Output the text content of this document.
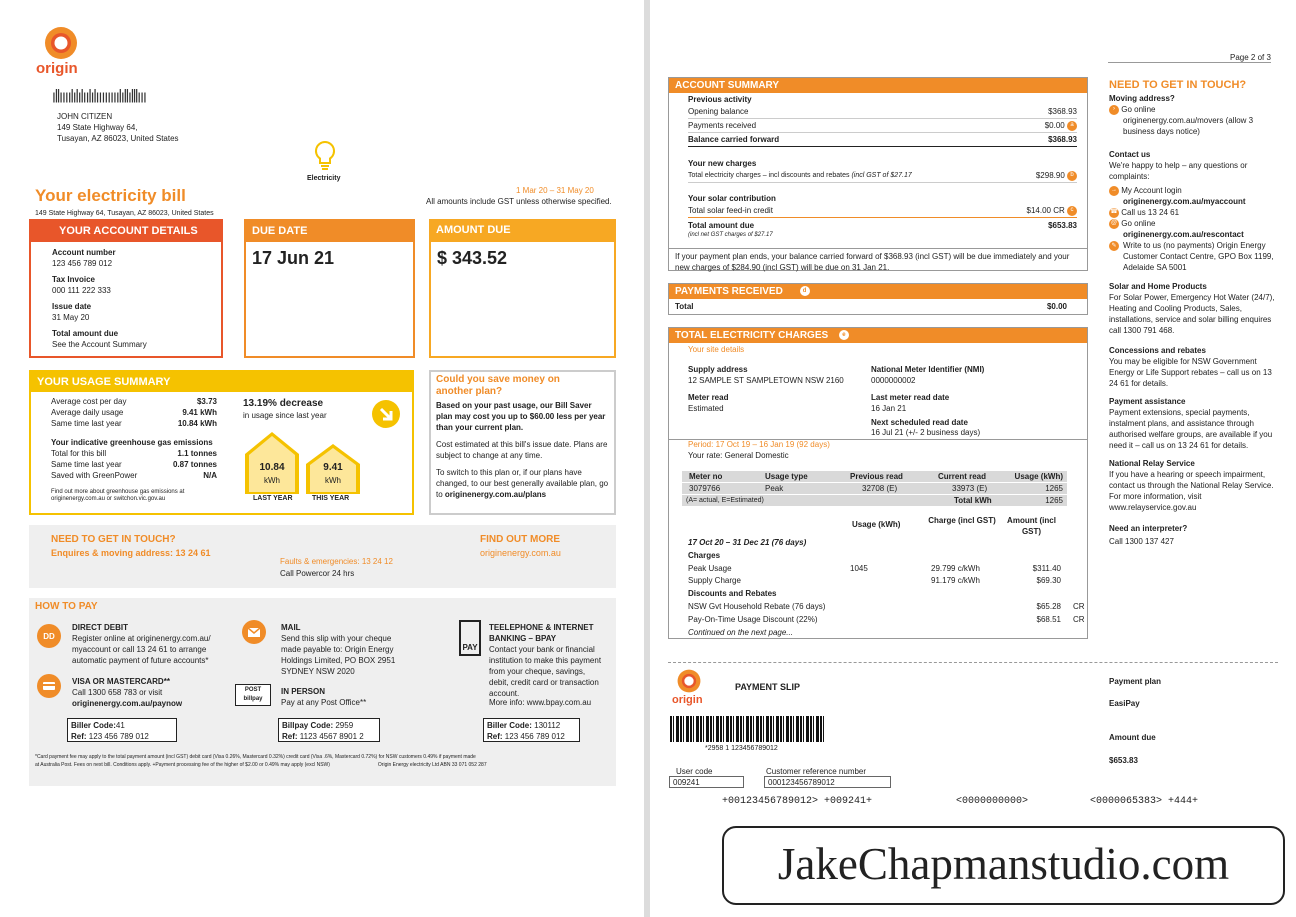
origin
ıllıııılılılıılılıııııııılıllılllııı
JOHN CITIZEN
149 State Highway 64,
Tusayan, AZ 86023, United States
Electricity
Your electricity bill	1 Mar 20 – 31 May 20
All amounts include GST unless otherwise specified.
149 State Highway 64, Tusayan, AZ 86023, United States
YOUR ACCOUNT DETAILS
Account number
123 456 789 012
Tax Invoice
000 111 222 333
Issue date
31 May 20
Total amount due
See the Account Summary
DUE DATE
17 Jun 21
AMOUNT DUE
$ 343.52
YOUR USAGE SUMMARY
Average cost per day	$3.73
Average daily usage	9.41 kWh
Same time last year	10.84 kWh
Your indicative greenhouse gas emissions
Total for this bill	1.1 tonnes
Same time last year	0.87 tonnes
Saved with GreenPower	N/A
Find out more about greenhouse gas emissions at
originenergy.com.au or switchon.vic.gov.au
13.19% decrease
in usage since last year
10.84
kWh
LAST YEAR
9.41
kWh
THIS YEAR
Could you save money on
another plan?
Based on your past usage, our Bill Saver plan may cost you up to $60.00 less per year than your current plan.
Cost estimated at this bill's issue date. Plans are subject to change at any time.
To switch to this plan or, if our plans have changed, to our best generally available plan, go to originenergy.com.au/plans
NEED TO GET IN TOUCH?
Enquires & moving address: 13 24 61
Faults & emergencies: 13 24 12
Call Powercor 24 hrs
FIND OUT MORE
originenergy.com.au
HOW TO PAY
DD
DIRECT DEBIT
Register online at originenergy.com.au/ myaccount or call 13 24 61 to arrange automatic payment of future accounts*
VISA OR MASTERCARD**
Call 1300 658 783 or visit
originenergy.com.au/paynow
MAIL
Send this slip with your cheque made payable to: Origin Energy Holdings Limited, PO BOX 2951 SYDNEY NSW 2020
POST billpay
IN PERSON
Pay at any Post Office**
PAY
TEELEPHONE & INTERNET BANKING – BPAY
Contact your bank or financial institution to make this payment from your cheque, savings, debit, credit card or transaction account.
More info: www.bpay.com.au
Biller Code:41
Ref: 123 456 789 012
Billpay Code: 2959
Ref: 1123 4567 8901 2
Biller Code: 130112
Ref: 123 456 789 012
*Card payment fee may apply to the total payment amount (incl GST) debit card (Visa 0.26%, Mastercard 0.32%) credit card (Visa .6%, Mastercard 0.72%) for NSW customers 0.49% if payment made
at Australia Post. Fees on next bill. Conditions apply. +Payment processing fee of the higher of $2.00 or 0.49% may apply (excl NSW)	Origin Energy electricity Ltd ABN 33 071 052 287
Page 2 of 3
ACCOUNT SUMMARY
Previous activity
Opening balance	$368.93
Payments received	$0.00 a
Balance carried forward	$368.93
Your new charges
Total electricity charges – incl discounts and rebates (incl GST of $27.17	$298.90 b
Your solar contribution
Total solar feed-in credit	$14.00 CR c
Total amount due	$653.83
(incl net GST charges of $27.17
If your payment plan ends, your balance carried forward of $368.93 (incl GST) will be due immediately and your new charges of $284.90 (incl GST) will be due on 31 Jan 21.
PAYMENTS RECEIVED	d
Total	$0.00
TOTAL ELECTRICITY CHARGES e
Your site details
Supply address
12 SAMPLE ST SAMPLETOWN NSW 2160
National Meter Identifier (NMI)
0000000002
Meter read
Estimated
Last meter read date
16 Jan 21
Next scheduled read date
16 Jul 21 (+/- 2 business days)
Period: 17 Oct 19 – 16 Jan 19 (92 days)
Your rate: General Domestic
Meter no	Usage type	Previous read	Current read	Usage (kWh)
3079766	Peak	32708 (E)	33973 (E)	1265
(A= actual, E=Estimated)	Total kWh	1265
Usage (kWh)	Charge (incl GST)	Amount (incl GST)
17 Oct 20 – 31 Dec 21 (76 days)
Charges
Peak Usage	1045	29.799 c/kWh	$311.40
Supply Charge	91.179 c/kWh	$69.30
Discounts and Rebates
NSW Gvt Household Rebate (76 days)	$65.28 CR
Pay-On-Time Usage Discount (22%)	$68.51 CR
Continued on the next page...
NEED TO GET IN TOUCH?
Moving address?
› Go online
originenergy.com.au/movers (allow 3 business days notice)
Contact us
We're happy to help – any questions or complaints:
→ My Account login
originenergy.com.au/myaccount
☎ Call us 13 24 61
@ Go online
originenergy.com.au/rescontact
✎ Write to us (no payments) Origin Energy Customer Contact Centre, GPO Box 1199, Adelaide SA 5001
Solar and Home Products
For Solar Power, Emergency Hot Water (24/7), Heating and Cooling Products, Sales, installations, service and solar billing enquires call 1300 791 468.
Concessions and rebates
You may be eligible for NSW Government Energy or Life Support rebates – call us on 13 24 61 for details.
Payment assistance
Payment extensions, special payments, instalment plans, and assistance through authorised welfare groups, are available if you need it – call us on 13 24 61 for details.
National Relay Service
If you have a hearing or speech impairment, contact us through the National Relay Service. For more information, visit www.relayservice.gov.au
Need an interpreter?
Call 1300 137 427
origin
PAYMENT SLIP
*2958 1 123456789012
User code
009241
Customer reference number
000123456789012
+00123456789012> +009241+	<0000000000>	<0000065383> +444+
Payment plan
EasiPay
Amount due
$653.83
JakeChapmanstudio.com
